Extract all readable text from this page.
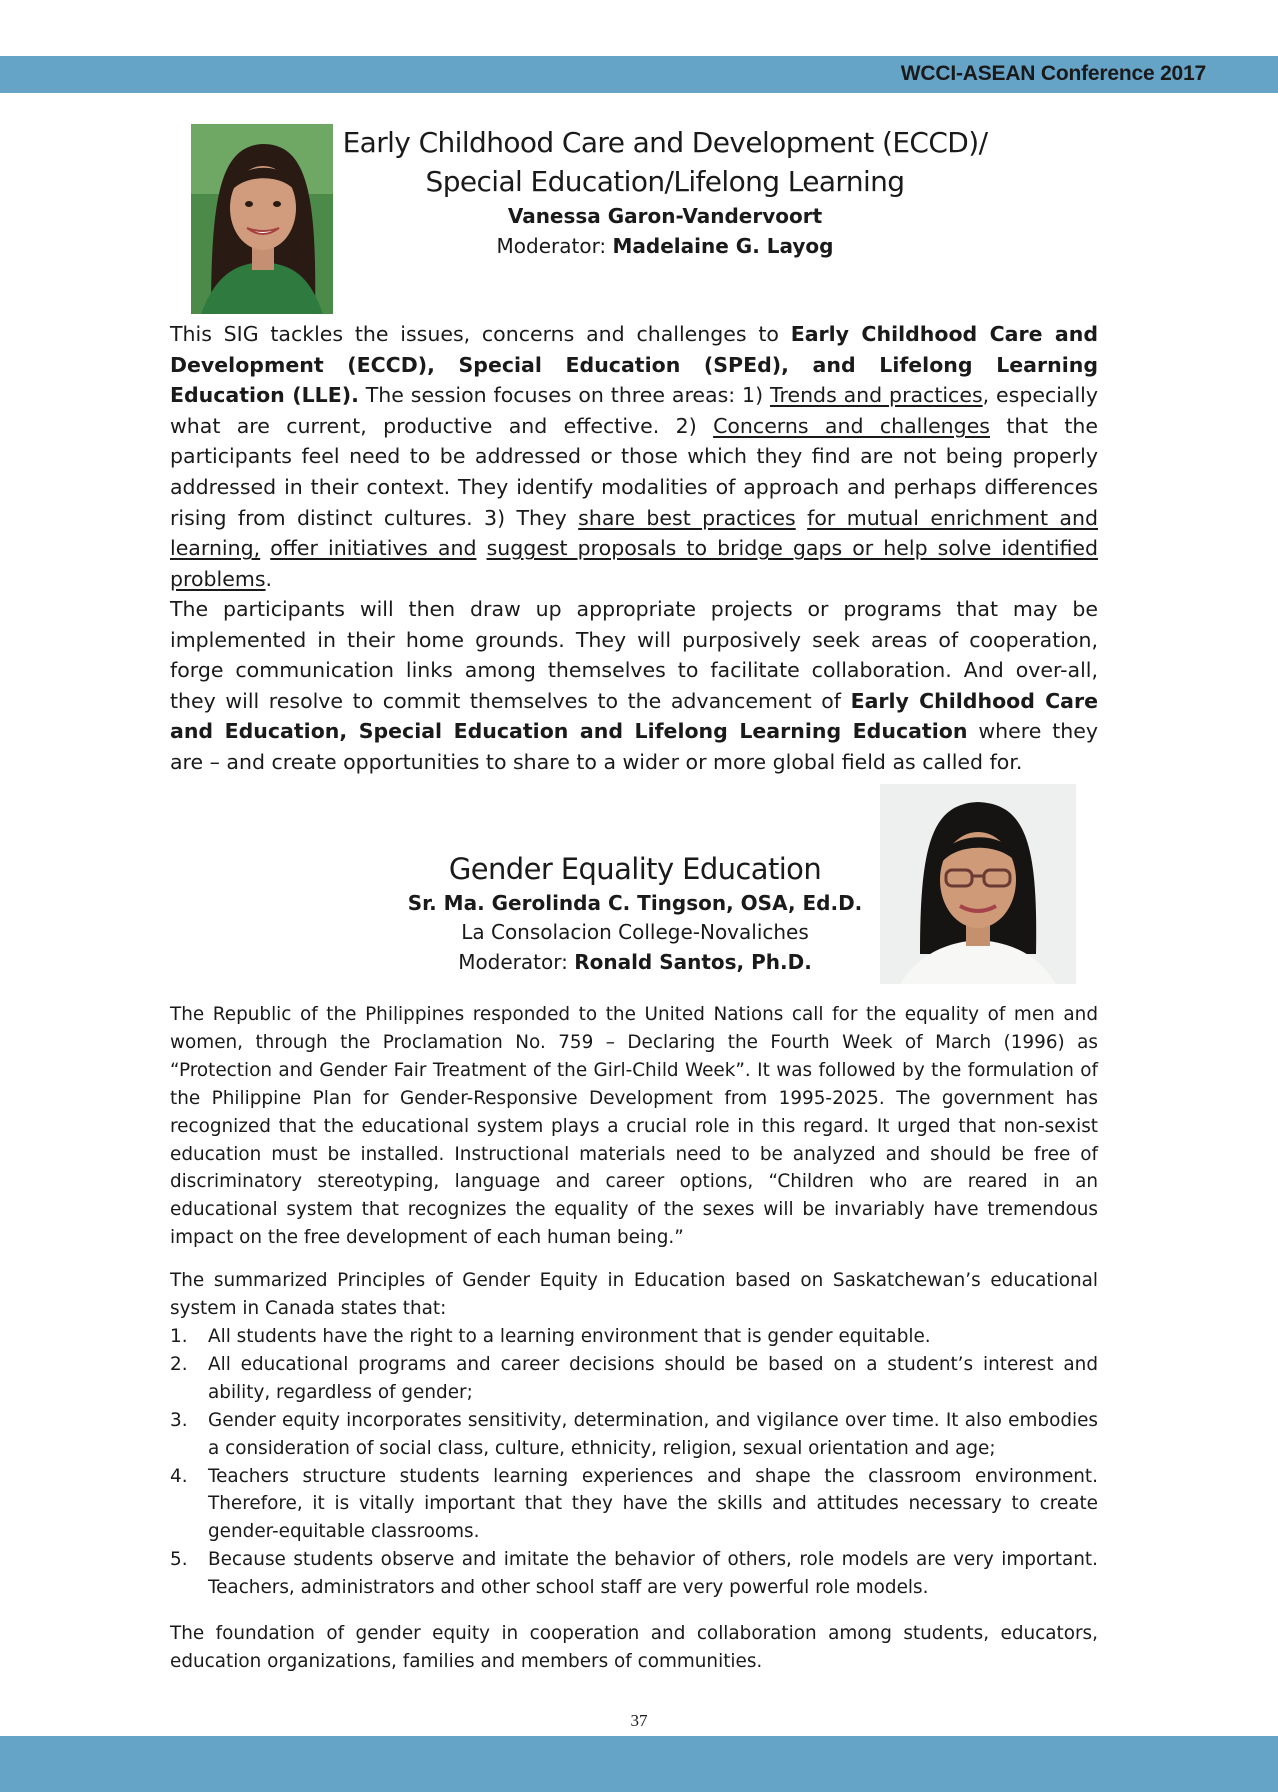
WCCI-ASEAN Conference 2017
Early Childhood Care and Development (ECCD)/
Special Education/Lifelong Learning
Vanessa Garon-Vandervoort
Moderator: Madelaine G. Layog
This SIG tackles the issues, concerns and challenges to Early Childhood Care and Development (ECCD), Special Education (SPEd), and Lifelong Learning Education (LLE). The session focuses on three areas: 1) Trends and practices, especially what are current, productive and effective. 2) Concerns and challenges that the participants feel need to be addressed or those which they find are not being properly addressed in their context. They identify modalities of approach and perhaps differences rising from distinct cultures. 3) They share best practices for mutual enrichment and learning, offer initiatives and suggest proposals to bridge gaps or help solve identified problems.
The participants will then draw up appropriate projects or programs that may be implemented in their home grounds. They will purposively seek areas of cooperation, forge communication links among themselves to facilitate collaboration. And over-all, they will resolve to commit themselves to the advancement of Early Childhood Care and Education, Special Education and Lifelong Learning Education where they are – and create opportunities to share to a wider or more global field as called for.
Gender Equality Education
Sr. Ma. Gerolinda C. Tingson, OSA, Ed.D.
La Consolacion College-Novaliches
Moderator: Ronald Santos, Ph.D.
The Republic of the Philippines responded to the United Nations call for the equality of men and women, through the Proclamation No. 759 – Declaring the Fourth Week of March (1996) as “Protection and Gender Fair Treatment of the Girl-Child Week”. It was followed by the formulation of the Philippine Plan for Gender-Responsive Development from 1995-2025. The government has recognized that the educational system plays a crucial role in this regard. It urged that non-sexist education must be installed. Instructional materials need to be analyzed and should be free of discriminatory stereotyping, language and career options, “Children who are reared in an educational system that recognizes the equality of the sexes will be invariably have tremendous impact on the free development of each human being.”
The summarized Principles of Gender Equity in Education based on Saskatchewan’s educational system in Canada states that:
1. All students have the right to a learning environment that is gender equitable.
2. All educational programs and career decisions should be based on a student’s interest and ability, regardless of gender;
3. Gender equity incorporates sensitivity, determination, and vigilance over time. It also embodies a consideration of social class, culture, ethnicity, religion, sexual orientation and age;
4. Teachers structure students learning experiences and shape the classroom environment. Therefore, it is vitally important that they have the skills and attitudes necessary to create gender-equitable classrooms.
5. Because students observe and imitate the behavior of others, role models are very important. Teachers, administrators and other school staff are very powerful role models.
The foundation of gender equity in cooperation and collaboration among students, educators, education organizations, families and members of communities.
37
